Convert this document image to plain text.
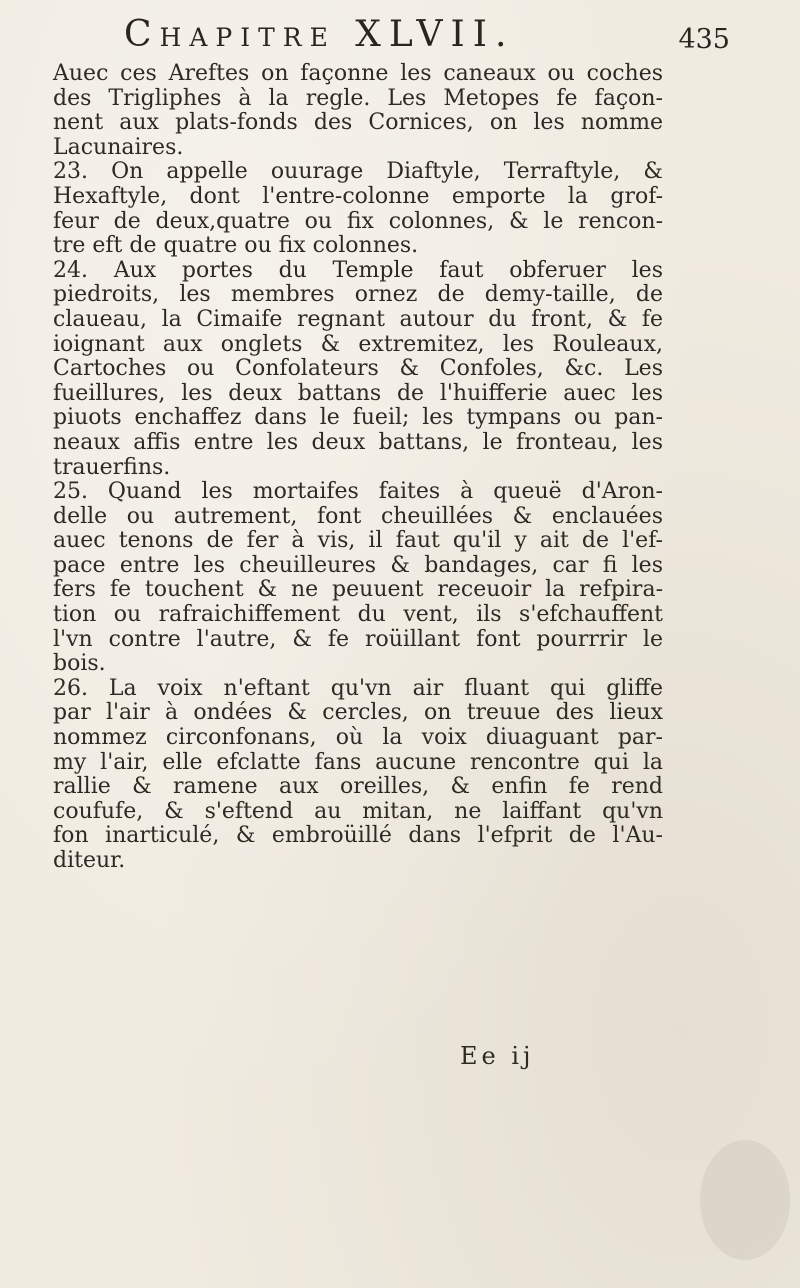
Chapitre XLVII.	435
Auec ces Areftes on façonne les caneaux ou coches
des Trigliphes à la regle. Les Metopes fe façon-
nent aux plats-fonds des Cornices, on les nomme
Lacunaires.
23. On appelle ouurage Diaftyle, Terraftyle, &
Hexaftyle, dont l'entre-colonne emporte la grof-
feur de deux,quatre ou fix colonnes, & le rencon-
tre eft de quatre ou fix colonnes.
24. Aux portes du Temple faut obferuer les
piedroits, les membres ornez de demy-taille, de
claueau, la Cimaife regnant autour du front, & fe
ioignant aux onglets & extremitez, les Rouleaux,
Cartoches ou Confolateurs & Confoles, &c. Les
fueillures, les deux battans de l'huifferie auec les
piuots enchaffez dans le fueil; les tympans ou pan-
neaux affis entre les deux battans, le fronteau, les
trauerfins.
25. Quand les mortaifes faites à queuë d'Aron-
delle ou autrement, font cheuillées & enclauées
auec tenons de fer à vis, il faut qu'il y ait de l'ef-
pace entre les cheuilleures & bandages, car fi les
fers fe touchent & ne peuuent receuoir la refpira-
tion ou rafraichiffement du vent, ils s'efchauffent
l'vn contre l'autre, & fe roüillant font pourrrir le
bois.
26. La voix n'eftant qu'vn air fluant qui gliffe
par l'air à ondées & cercles, on treuue des lieux
nommez circonfonans, où la voix diuaguant par-
my l'air, elle efclatte fans aucune rencontre qui la
rallie & ramene aux oreilles, & enfin fe rend
coufufe, & s'eftend au mitan, ne laiffant qu'vn
fon inarticulé, & embroüillé dans l'efprit de l'Au-
diteur.
Ee ij
